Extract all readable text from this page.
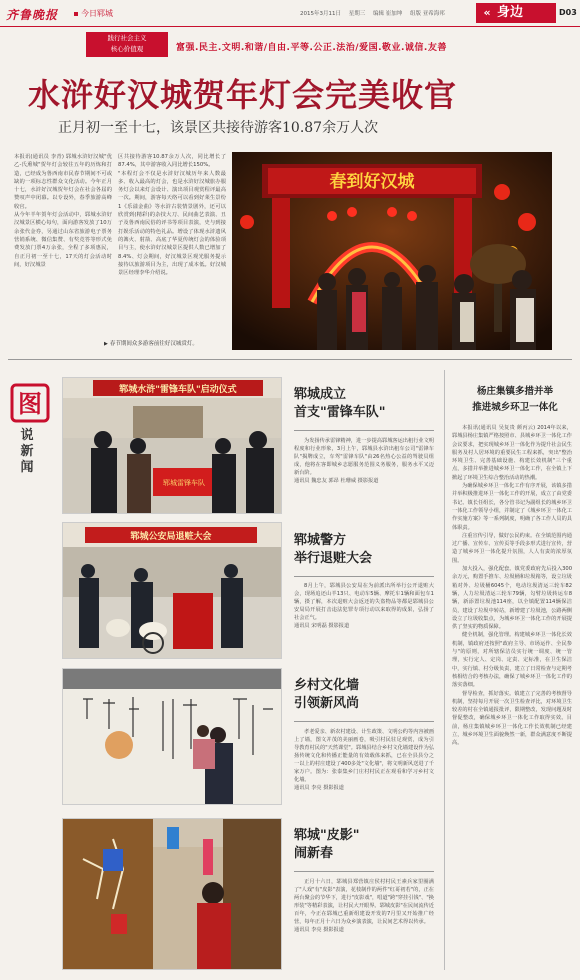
齐鲁晚报	今日郓城	2015年3月11日 星期三 编辑 崔加坤 组版 亚希海邦	« 身边	D03
践行社会主义
核心价值观	富强.民主.文明.和谐/自由.平等.公正.法治/爱国.敬业.诚信.友善
水浒好汉城贺年灯会完美收官
正月初一至十七，该景区共接待游客10.87余万人次
本报讯(通讯员 李青) 郓城水浒好汉城"优乙-氏熏城"贺年灯会较往五年的历炼和打造，已经成为鲁西南市民春节期间不可或缺的一项标志性群众文化活动。今年正月十七，水浒好汉城贺年灯会在社会各届的赞叹声中闭幕。以专设外，春季旅游高峰收官。
从今年羊年贺年灯会活动中，郓城水浒好汉城景区横心每句，面向游客发放了10万余张代金券，另通过山东省旅游电子票务营销系统、微信集赞、有奖竞答等形式免费发放门票4万余张，全程了多项惠民，自正月初一至十七，17天的灯会活动时间，好汉城景
区共接待游客10.87余万人次，同比增长了87.4%，其中游客收入同比增长150%。
"本程灯会不仅是水浒好汉城历年来人数最多、收入最高的灯会，也是水浒好汉城旅办服务灯会以来灯会设计、演出项目观赏程评最高一次。期间，游客每天络可以看到好莱生景纷1《乐溢金曲》等水浒古装情景剧外，还可以欣赏到(精彩)的杂技大刀、民间曲艺表演、丑子及鲁西南民俗的评书等项目表演，史与到接打娱乐活动的特色礼品。增设了体现水浒遗风的篝火、射箭、高底了华夏传统灯会的体验项目与主，使水浒好汉城景区提供人数已增加了8.4%、灯会期间，好汉城景区观光服务提示接待以旅游项目为主，出现了成本低。好汉城景区经理李华介绍说。
春到好汉城
▶ 春节期间众多游客前往好汉城赏灯。
图
说
新
闻
郓城水浒"雷锋车队"启动仪式
郓城雷锋车队
郓城成立
首支"雷锋车队"
为发扬传承雷锋精神，进一步提高郓城客运出租行业文明程度和行业形象，3月上午，郓城县水浒出租车公司"雷锋车队"揭牌成立，车驾"雷锋车队"由26名热心公益的驾驶员组成，他将在客即城乡志愿服务范围义务服务，服务水平又迈新台阶。
通讯员 魏忠友 郭昂 杜珊威 摄影报道
郓城公安局退赃大会	郓城警方
举行退赃大会
8月上午，郓城县公安局在为前派出所举行公开退赃大会，现场追还山羊13只、电动车5辆、摩托车1辆和面包车1辆，摄了解，本次退赃大会返还的失盗物品等都是郓城县公安局局开展打击违法犯罪专项行动以来取得的成果，弘扬了社会正气。
通讯员 宋明磊 摄影报道
乡村文化墙
引领新风尚
孝老爱亲、新农村建设、计生政策、文明公约等内容被画上了墙，图文并茂的美丽画卷，吸引村民驻足观赏，成为引导教育村民的"天然课堂"。郓城县结合乡村文化墙建设作为弘扬传统文化和传播正能量的有效载体来抓，已在全县县分之一以上的村庄建设了400多处"文化墙"，将文明新风送进了千家万户。图为：张泰集乡门庄村村民正在观看和学习乡村文化墙。
通讯员 李亮 摄影报道
郓城"皮影"
闹新春
正月十六日，郓城县郑营镇庄侯村村民王素兵家里圈满了"人戏"有"皮影"表演，花枝制作的两件"红哥初若"的，正在两台聚会的节华下，进行"皮影戏"，唱道"跨"穿挂引钱"、"换形装"等精彩表演，让村民大开眼界。郓城皮影"在民间流传近百年，今正在郓城已重新组建设开发的7月里又开始推广经营，每年正月十六日为众乡演表演，让民间艺术得以传承。
通讯员 李亮 摄影报道
杨庄集镇多措并举
推进城乡环卫一体化

本报讯(通讯员 吴复贵 颜丙云) 2014年以来，郓城县杨庄集镇严格按照市、县城乡环卫一体化工作会议要求，把实现城乡环卫一体化作为提升社会民生服务及村人居环境的重要民生工程来抓，突出"整治环境卫生、完善基础设施、构建长效机制"三个重点，多措并举推进城乡环卫一体化工作，在全镇上下掀起了环境卫生综合整治活动的热潮。

为确保城乡环卫一体化工作有序开展，该镇多措并举积极推进环卫一体化工作的开展，成立了由党委书记、镇长任组长，各分管书记为副组长的城乡环卫一体化工作领导小组，并制定了《城乡环卫一体化工作实施方案》等一系列制度，明确了各工作人员的具体职责。

注重宣传引导，做好公民约束。在全镇范围内通过广播、宣传车、宣传页等手段多形式进行宣传，营造了城乡环卫一体化提升氛围，人人有责的浓厚氛围。

加大投入，强化配套。镇党委政府先后投入300余万元，购置手推车、垃圾桶和垃圾箱等，设立垃圾箱对外、垃圾桶6045个，电动垃圾清运三轮车82辆，人力垃圾清运三轮车79辆，勾臂垃圾转运车8辆，新添置垃圾池114座，以全镇配置114辆保洁员，建设了垃圾中转站，新增建了垃圾池，公路两侧设立了垃圾收集点，为城乡环卫一体化工作的开展提供了坚实的物质保障。

健全机制，强化管理。构建城乡环卫一体化长效机制，镇政府还按照"政府主导、市场运作、全民参与"的原则，对所辖保洁员实行统一调度、统一管理，实行定人、定岗、定责、定标准，在卫生保洁中，实行镇、村分级负责，建立了日常检查与定期考核相结合的考核办法，确保了城乡环卫一体化工作的落实落细。

督导检查，抓好落实。镇建立了完善的考核督导机制，坚持每月开展一次卫生检查评比，对环境卫生较差的村在全镇通报批评，限期整改，发现问题及时督促整改，确保城乡环卫一体化工作取得实效。目前，杨庄集镇城乡环卫一体化工作长效机制已经建立，城乡环境卫生面貌焕然一新，群众满意度不断提高。
